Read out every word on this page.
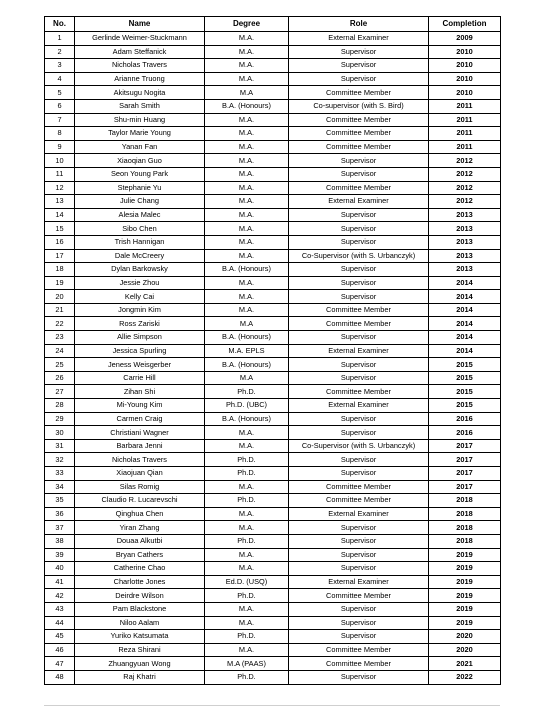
No.	Name	Degree	Role	Completion
1	Gerlinde Weimer-Stuckmann	M.A.	External Examiner	2009
2	Adam Steffanick	M.A.	Supervisor	2010
3	Nicholas Travers	M.A.	Supervisor	2010
4	Arianne Truong	M.A.	Supervisor	2010
5	Akitsugu Nogita	M.A	Committee Member	2010
6	Sarah Smith	B.A. (Honours)	Co-supervisor (with S. Bird)	2011
7	Shu-min Huang	M.A.	Committee Member	2011
8	Taylor Marie Young	M.A.	Committee Member	2011
9	Yanan Fan	M.A.	Committee Member	2011
10	Xiaoqian Guo	M.A.	Supervisor	2012
11	Seon Young Park	M.A.	Supervisor	2012
12	Stephanie Yu	M.A.	Committee Member	2012
13	Julie Chang	M.A.	External Examiner	2012
14	Alesia Malec	M.A.	Supervisor	2013
15	Sibo Chen	M.A.	Supervisor	2013
16	Trish Hannigan	M.A.	Supervisor	2013
17	Dale McCreery	M.A.	Co-Supervisor (with S. Urbanczyk)	2013
18	Dylan Barkowsky	B.A. (Honours)	Supervisor	2013
19	Jessie Zhou	M.A.	Supervisor	2014
20	Kelly Cai	M.A.	Supervisor	2014
21	Jongmin Kim	M.A.	Committee Member	2014
22	Ross Zariski	M.A	Committee Member	2014
23	Allie Simpson	B.A. (Honours)	Supervisor	2014
24	Jessica Spurling	M.A. EPLS	External Examiner	2014
25	Jeness Weisgerber	B.A. (Honours)	Supervisor	2015
26	Carrie Hill	M.A	Supervisor	2015
27	Zihan Shi	Ph.D.	Committee Member	2015
28	Mi-Young Kim	Ph.D. (UBC)	External Examiner	2015
29	Carmen Craig	B.A. (Honours)	Supervisor	2016
30	Christiani Wagner	M.A.	Supervisor	2016
31	Barbara Jenni	M.A.	Co-Supervisor (with S. Urbanczyk)	2017
32	Nicholas Travers	Ph.D.	Supervisor	2017
33	Xiaojuan Qian	Ph.D.	Supervisor	2017
34	Silas Romig	M.A.	Committee Member	2017
35	Claudio R. Lucarevschi	Ph.D.	Committee Member	2018
36	Qinghua Chen	M.A.	External Examiner	2018
37	Yiran Zhang	M.A.	Supervisor	2018
38	Douaa Alkutbi	Ph.D.	Supervisor	2018
39	Bryan Cathers	M.A.	Supervisor	2019
40	Catherine Chao	M.A.	Supervisor	2019
41	Charlotte Jones	Ed.D. (USQ)	External Examiner	2019
42	Deirdre Wilson	Ph.D.	Committee Member	2019
43	Pam Blackstone	M.A.	Supervisor	2019
44	Niloo Aalam	M.A.	Supervisor	2019
45	Yuriko Katsumata	Ph.D.	Supervisor	2020
46	Reza Shirani	M.A.	Committee Member	2020
47	Zhuangyuan Wong	M.A (PAAS)	Committee Member	2021
48	Raj Khatri	Ph.D.	Supervisor	2022
